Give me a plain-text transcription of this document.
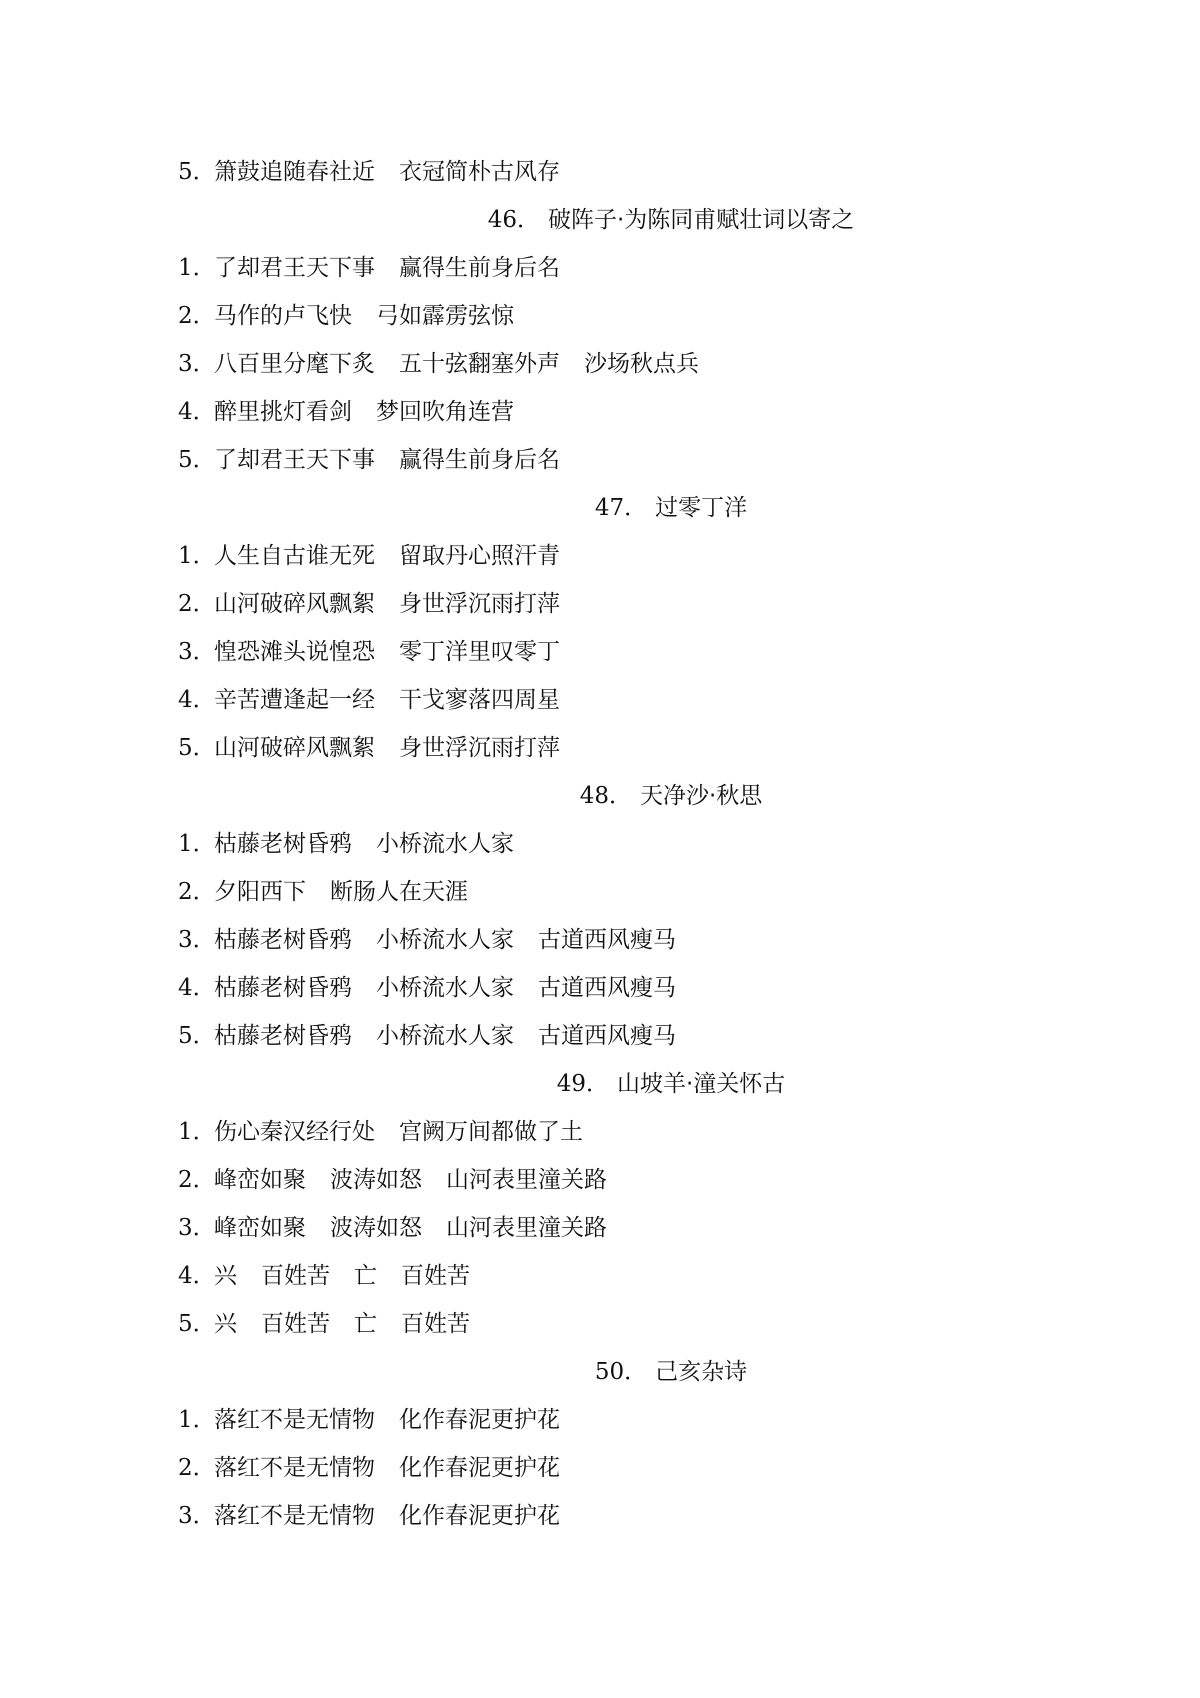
5．箫鼓追随春社近 衣冠简朴古风存
46． 破阵子·为陈同甫赋壮词以寄之
1．了却君王天下事 赢得生前身后名
2．马作的卢飞快 弓如霹雳弦惊
3．八百里分麾下炙 五十弦翻塞外声 沙场秋点兵
4．醉里挑灯看剑 梦回吹角连营
5．了却君王天下事 赢得生前身后名
47． 过零丁洋
1．人生自古谁无死 留取丹心照汗青
2．山河破碎风飘絮 身世浮沉雨打萍
3．惶恐滩头说惶恐 零丁洋里叹零丁
4．辛苦遭逢起一经 干戈寥落四周星
5．山河破碎风飘絮 身世浮沉雨打萍
48． 天净沙·秋思
1．枯藤老树昏鸦 小桥流水人家
2．夕阳西下 断肠人在天涯
3．枯藤老树昏鸦 小桥流水人家 古道西风瘦马
4．枯藤老树昏鸦 小桥流水人家 古道西风瘦马
5．枯藤老树昏鸦 小桥流水人家 古道西风瘦马
49． 山坡羊·潼关怀古
1．伤心秦汉经行处 宫阙万间都做了土
2．峰峦如聚 波涛如怒 山河表里潼关路
3．峰峦如聚 波涛如怒 山河表里潼关路
4．兴 百姓苦 亡 百姓苦
5．兴 百姓苦 亡 百姓苦
50． 己亥杂诗
1．落红不是无情物 化作春泥更护花
2．落红不是无情物 化作春泥更护花
3．落红不是无情物 化作春泥更护花
